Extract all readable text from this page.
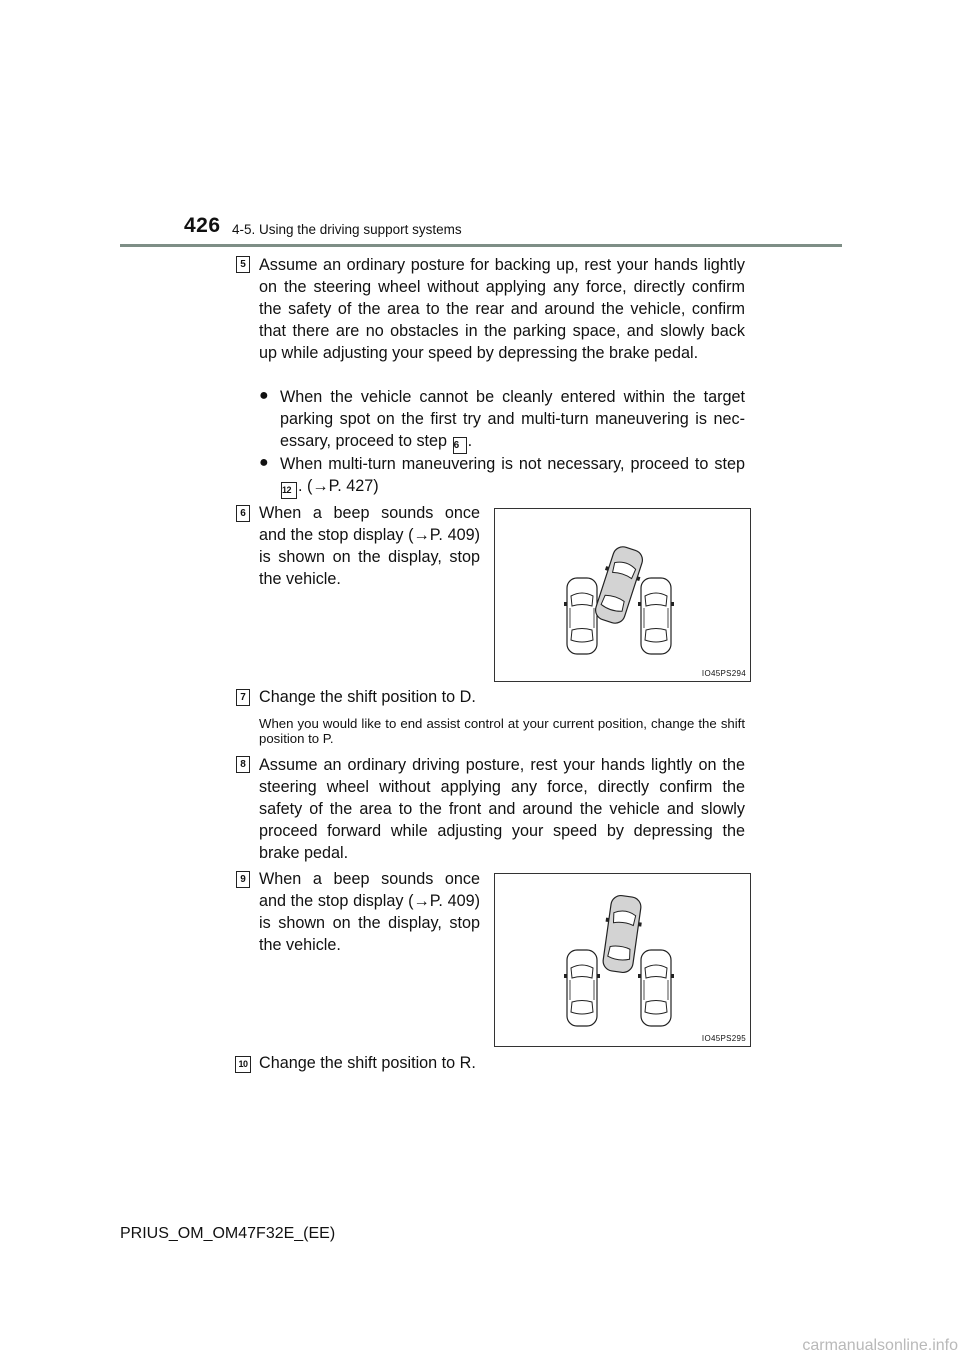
426 4-5. Using the driving support systems
5 Assume an ordinary posture for backing up, rest your hands lightly on the steering wheel without applying any force, directly confirm the safety of the area to the rear and around the vehicle, confirm that there are no obstacles in the parking space, and slowly back up while adjusting your speed by depressing the brake pedal.
● When the vehicle cannot be cleanly entered within the target parking spot on the first try and multi-turn maneuvering is nec-essary, proceed to step 6 .
● When multi-turn maneuvering is not necessary, proceed to step 12 . (→P. 427)
6 When a beep sounds once and the stop display (→P. 409) is shown on the display, stop the vehicle.
IO45PS294
7 Change the shift position to D.
When you would like to end assist control at your current position, change the shift position to P.
8 Assume an ordinary driving posture, rest your hands lightly on the steering wheel without applying any force, directly confirm the safety of the area to the front and around the vehicle and slowly proceed forward while adjusting your speed by depressing the brake pedal.
9 When a beep sounds once and the stop display (→P. 409) is shown on the display, stop the vehicle.
IO45PS295
10 Change the shift position to R.
PRIUS_OM_OM47F32E_(EE)
carmanualsonline.info
